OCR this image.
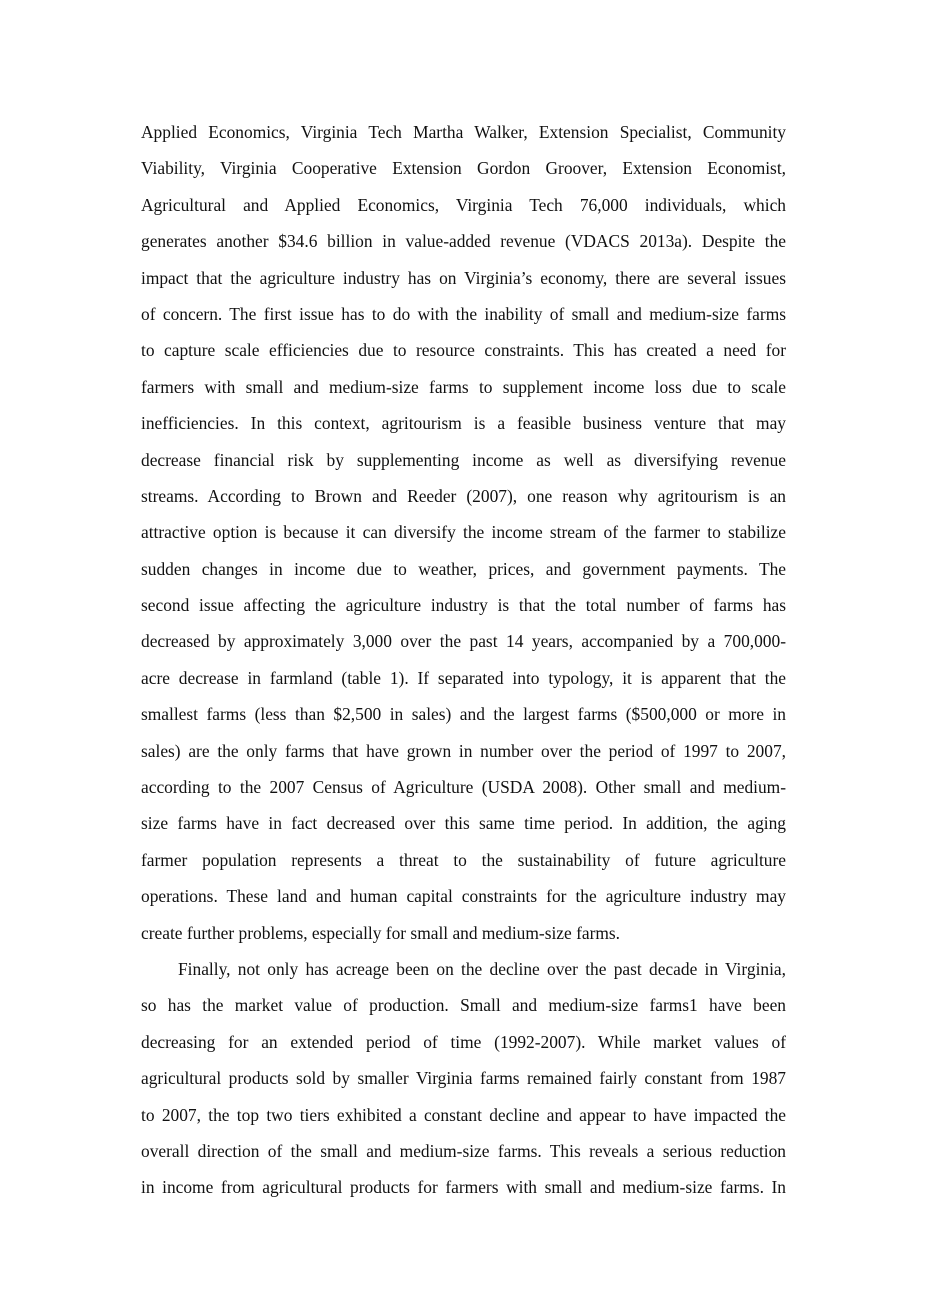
Applied Economics, Virginia Tech Martha Walker, Extension Specialist, Community
Viability, Virginia Cooperative Extension Gordon Groover, Extension Economist,
Agricultural and Applied Economics, Virginia Tech 76,000 individuals, which
generates another $34.6 billion in value-added revenue (VDACS 2013a). Despite the
impact that the agriculture industry has on Virginia’s economy, there are several issues
of concern. The first issue has to do with the inability of small and medium-size farms
to capture scale efficiencies due to resource constraints. This has created a need for
farmers with small and medium-size farms to supplement income loss due to scale
inefficiencies. In this context, agritourism is a feasible business venture that may
decrease financial risk by supplementing income as well as diversifying revenue
streams. According to Brown and Reeder (2007), one reason why agritourism is an
attractive option is because it can diversify the income stream of the farmer to stabilize
sudden changes in income due to weather, prices, and government payments. The
second issue affecting the agriculture industry is that the total number of farms has
decreased by approximately 3,000 over the past 14 years, accompanied by a 700,000-
acre decrease in farmland (table 1). If separated into typology, it is apparent that the
smallest farms (less than $2,500 in sales) and the largest farms ($500,000 or more in
sales) are the only farms that have grown in number over the period of 1997 to 2007,
according to the 2007 Census of Agriculture (USDA 2008). Other small and medium-
size farms have in fact decreased over this same time period. In addition, the aging
farmer population represents a threat to the sustainability of future agriculture
operations. These land and human capital constraints for the agriculture industry may
create further problems, especially for small and medium-size farms.
Finally, not only has acreage been on the decline over the past decade in Virginia,
so has the market value of production. Small and medium-size farms1 have been
decreasing for an extended period of time (1992-2007). While market values of
agricultural products sold by smaller Virginia farms remained fairly constant from 1987
to 2007, the top two tiers exhibited a constant decline and appear to have impacted the
overall direction of the small and medium-size farms. This reveals a serious reduction
in income from agricultural products for farmers with small and medium-size farms. In
